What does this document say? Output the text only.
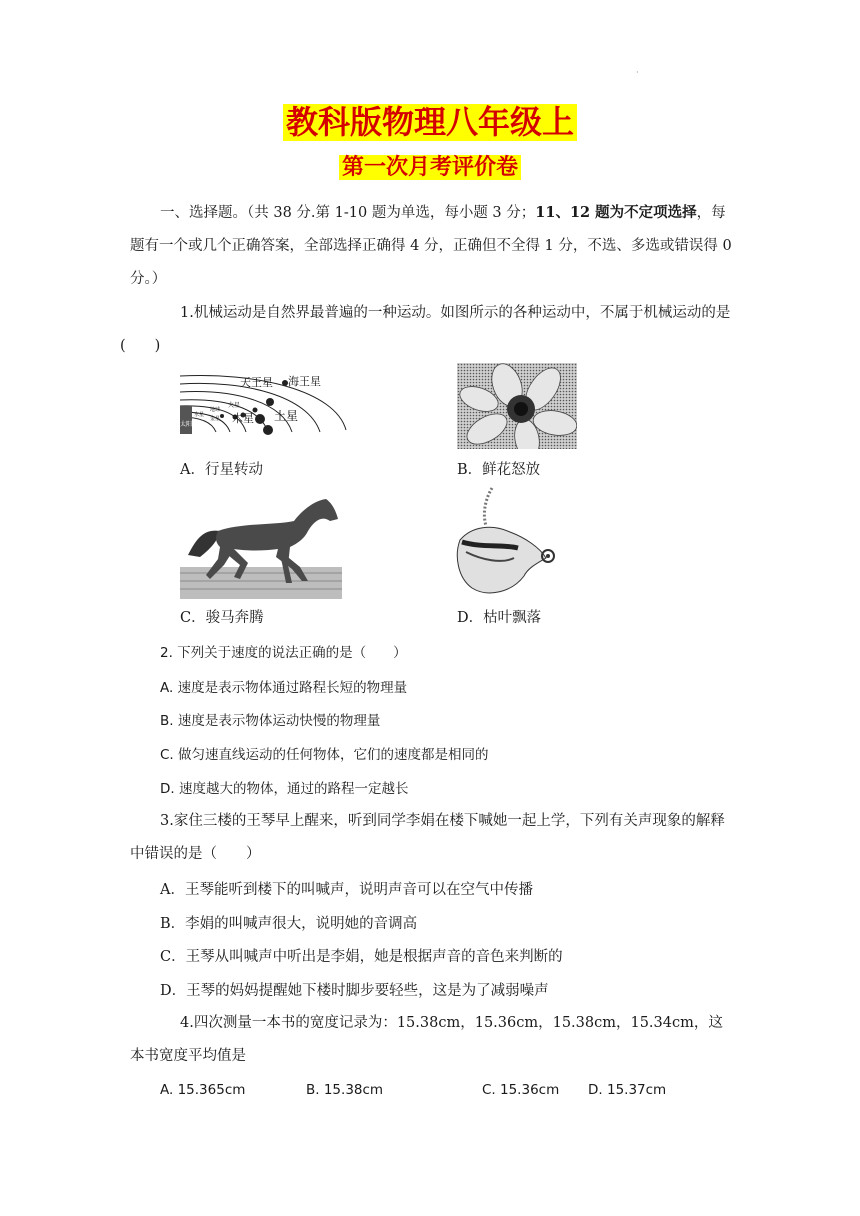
·
教科版物理八年级上
第一次月考评价卷
一、选择题。（共 38 分.第 1-10 题为单选，每小题 3 分；11、12 题为不定项选择，每题有一个或几个正确答案，全部选择正确得 4 分，正确但不全得 1 分，不选、多选或错误得 0 分。）
1.机械运动是自然界最普遍的一种运动。如图所示的各种运动中，不属于机械运动的是(　　)
天王星 海王星
土星
木星
火星
地球
金星
水星
太阳
A．行星转动	B．鲜花怒放
C．骏马奔腾	D．枯叶飘落
2. 下列关于速度的说法正确的是（　　）
A. 速度是表示物体通过路程长短的物理量
B. 速度是表示物体运动快慢的物理量
C. 做匀速直线运动的任何物体，它们的速度都是相同的
D. 速度越大的物体，通过的路程一定越长
3.家住三楼的王琴早上醒来，听到同学李娟在楼下喊她一起上学，下列有关声现象的解释中错误的是（　　）
A．王琴能听到楼下的叫喊声，说明声音可以在空气中传播
B．李娟的叫喊声很大，说明她的音调高
C．王琴从叫喊声中听出是李娟，她是根据声音的音色来判断的
D．王琴的妈妈提醒她下楼时脚步要轻些，这是为了减弱噪声
4.四次测量一本书的宽度记录为：15.38cm，15.36cm，15.38cm，15.34cm，这本书宽度平均值是
A. 15.365cm	B. 15.38cm	C. 15.36cm D. 15.37cm
